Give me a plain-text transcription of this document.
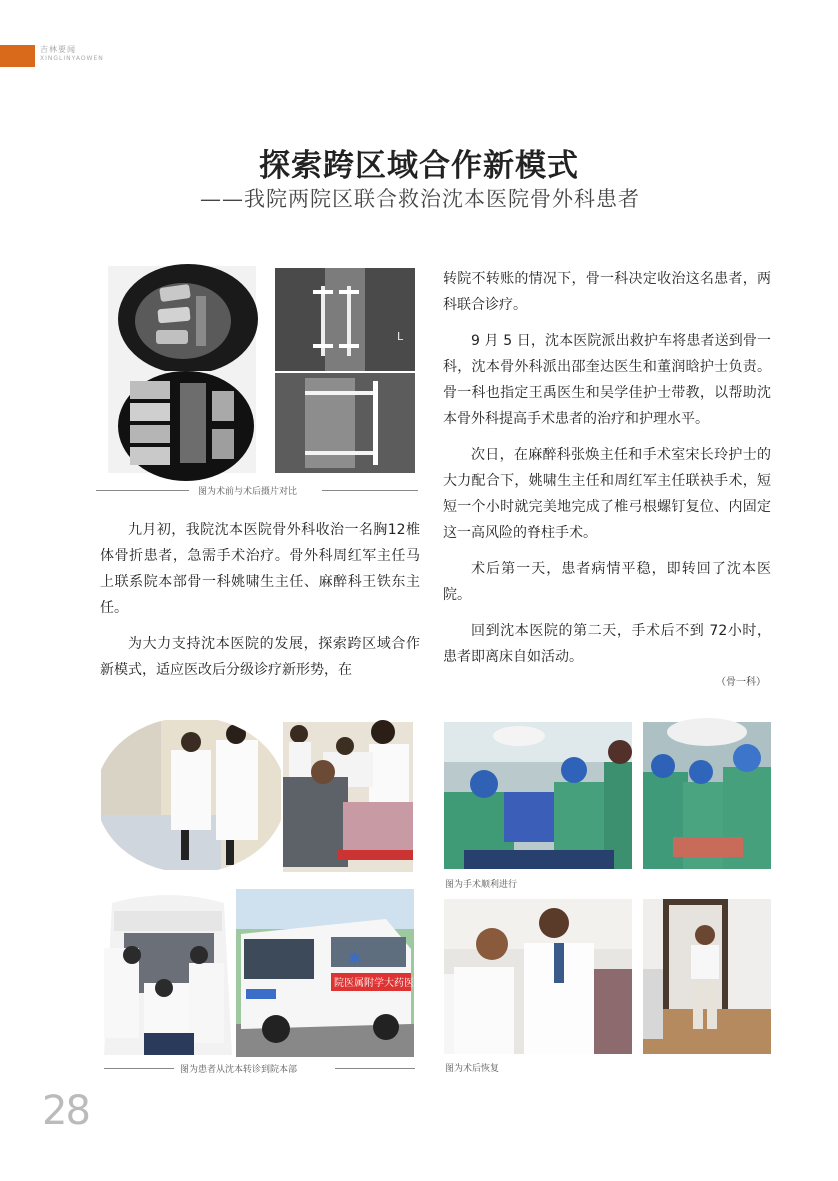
吉林要闻
XINGLINYAOWEN
探索跨区域合作新模式
——我院两院区联合救治沈本医院骨外科患者
L
图为术前与术后摄片对比

九月初，我院沈本医院骨外科收治一名胸12椎体骨折患者，急需手术治疗。骨外科周红军主任马上联系院本部骨一科姚啸生主任、麻醉科王铁东主任。

为大力支持沈本医院的发展，探索跨区域合作新模式，适应医改后分级诊疗新形势，在

转院不转账的情况下，骨一科决定收治这名患者，两科联合诊疗。

9 月 5 日，沈本医院派出救护车将患者送到骨一科，沈本骨外科派出邵奎达医生和董润晗护士负责。骨一科也指定王禹医生和吴学佳护士带教，以帮助沈本骨外科提高手术患者的治疗和护理水平。

次日，在麻醉科张焕主任和手术室宋长玲护士的大力配合下，姚啸生主任和周红军主任联袂手术，短短一个小时就完美地完成了椎弓根螺钉复位、内固定这一高风险的脊柱手术。

术后第一天，患者病情平稳，即转回了沈本医院。

回到沈本医院的第二天，手术后不到 72小时，患者即离床自如活动。

（骨一科）
院医属附学大药医中宁辽
✱
图为患者从沈本转诊到院本部
图为手术顺利进行
图为术后恢复
28
